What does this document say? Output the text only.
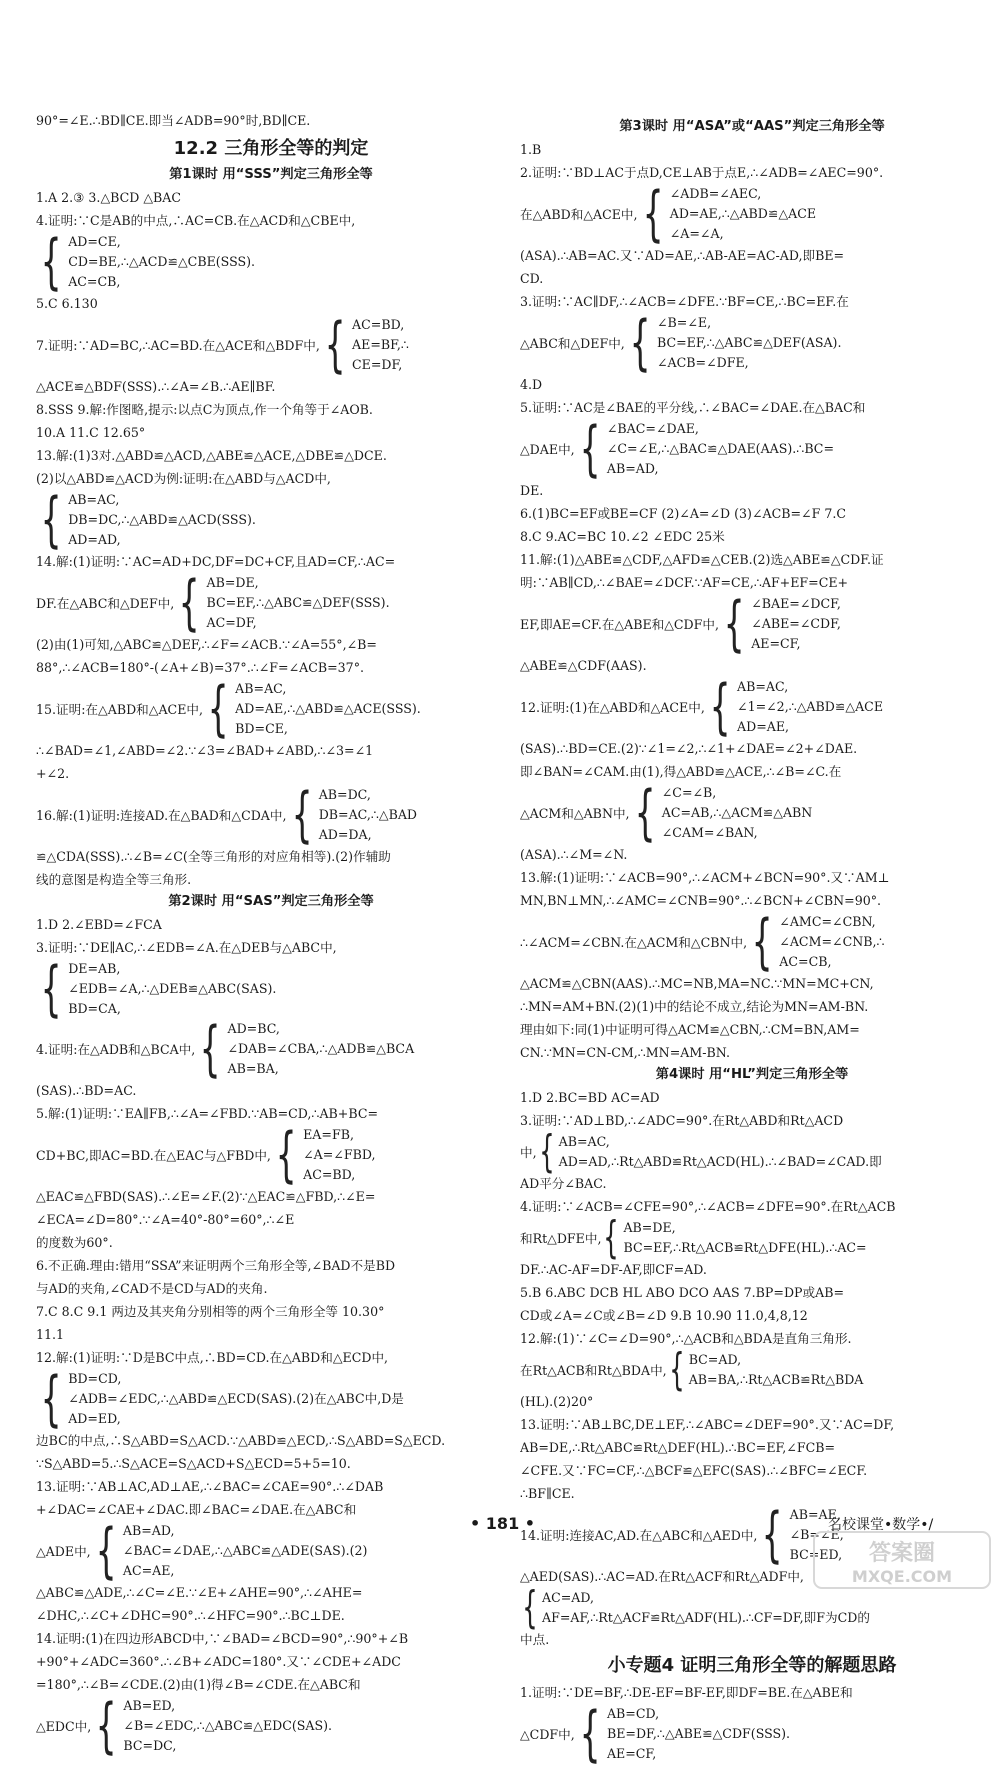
90°=∠E.∴BD∥CE.即当∠ADB=90°时,BD∥CE.
12.2 三角形全等的判定
第1课时 用“SSS”判定三角形全等
1.A 2.③ 3.△BCD △BAC
4.证明:∵C是AB的中点,∴AC=CB.在△ACD和△CBE中,
{ AD=CE,
CD=BE,∴△ACD≌△CBE(SSS).
AC=CB,
5.C 6.130
7.证明:∵AD=BC,∴AC=BD.在△ACE和△BDF中, { AC=BD,
AE=BF,∴
CE=DF,
△ACE≌△BDF(SSS).∴∠A=∠B.∴AE∥BF.
8.SSS 9.解:作图略,提示:以点C为顶点,作一个角等于∠AOB.
10.A 11.C 12.65°
13.解:(1)3对.△ABD≌△ACD,△ABE≌△ACE,△DBE≌△DCE.
(2)以△ABD≌△ACD为例:证明:在△ABD与△ACD中,
{ AB=AC,
DB=DC,∴△ABD≌△ACD(SSS).
AD=AD,
14.解:(1)证明:∵AC=AD+DC,DF=DC+CF,且AD=CF,∴AC=
DF.在△ABC和△DEF中, { AB=DE,
BC=EF,∴△ABC≌△DEF(SSS).
AC=DF,
(2)由(1)可知,△ABC≌△DEF,∴∠F=∠ACB.∵∠A=55°,∠B=
88°,∴∠ACB=180°-(∠A+∠B)=37°.∴∠F=∠ACB=37°.
15.证明:在△ABD和△ACE中, { AB=AC,
AD=AE,∴△ABD≌△ACE(SSS).
BD=CE,
∴∠BAD=∠1,∠ABD=∠2.∵∠3=∠BAD+∠ABD,∴∠3=∠1
+∠2.
16.解:(1)证明:连接AD.在△BAD和△CDA中, { AB=DC,
DB=AC,∴△BAD
AD=DA,
≌△CDA(SSS).∴∠B=∠C(全等三角形的对应角相等).(2)作辅助
线的意图是构造全等三角形.
第2课时 用“SAS”判定三角形全等
1.D 2.∠EBD=∠FCA
3.证明:∵DE∥AC,∴∠EDB=∠A.在△DEB与△ABC中,
{ DE=AB,
∠EDB=∠A,∴△DEB≌△ABC(SAS).
BD=CA,
4.证明:在△ADB和△BCA中, { AD=BC,
∠DAB=∠CBA,∴△ADB≌△BCA
AB=BA,
(SAS).∴BD=AC.
5.解:(1)证明:∵EA∥FB,∴∠A=∠FBD.∵AB=CD,∴AB+BC=
CD+BC,即AC=BD.在△EAC与△FBD中, { EA=FB,
∠A=∠FBD,
AC=BD,
△EAC≌△FBD(SAS).∴∠E=∠F.(2)∵△EAC≌△FBD,∴∠E=
∠ECA=∠D=80°.∵∠A=40°-80°=60°,∴∠E
的度数为60°.
6.不正确.理由:错用“SSA”来证明两个三角形全等,∠BAD不是BD
与AD的夹角,∠CAD不是CD与AD的夹角.
7.C 8.C 9.1 两边及其夹角分别相等的两个三角形全等 10.30°
11.1
12.解:(1)证明:∵D是BC中点,∴BD=CD.在△ABD和△ECD中,
{ BD=CD,
∠ADB=∠EDC,∴△ABD≌△ECD(SAS).(2)在△ABC中,D是
AD=ED,
边BC的中点,∴S△ABD=S△ACD.∵△ABD≌△ECD,∴S△ABD=S△ECD.
∵S△ABD=5.∴S△ACE=S△ACD+S△ECD=5+5=10.
13.证明:∵AB⊥AC,AD⊥AE,∴∠BAC=∠CAE=90°.∴∠DAB
+∠DAC=∠CAE+∠DAC.即∠BAC=∠DAE.在△ABC和
△ADE中, { AB=AD,
∠BAC=∠DAE,∴△ABC≌△ADE(SAS).(2)
AC=AE,
△ABC≌△ADE,∴∠C=∠E.∵∠E+∠AHE=90°,∴∠AHE=
∠DHC,∴∠C+∠DHC=90°.∴∠HFC=90°.∴BC⊥DE.
14.证明:(1)在四边形ABCD中,∵∠BAD=∠BCD=90°,∴90°+∠B
+90°+∠ADC=360°.∴∠B+∠ADC=180°.又∵∠CDE+∠ADC
=180°,∴∠B=∠CDE.(2)由(1)得∠B=∠CDE.在△ABC和
△EDC中, { AB=ED,
∠B=∠EDC,∴△ABC≌△EDC(SAS).
BC=DC,
第3课时 用“ASA”或“AAS”判定三角形全等
1.B
2.证明:∵BD⊥AC于点D,CE⊥AB于点E,∴∠ADB=∠AEC=90°.
在△ABD和△ACE中, { ∠ADB=∠AEC,
AD=AE,∴△ABD≌△ACE
∠A=∠A,
(ASA).∴AB=AC.又∵AD=AE,∴AB-AE=AC-AD,即BE=
CD.
3.证明:∵AC∥DF,∴∠ACB=∠DFE.∵BF=CE,∴BC=EF.在
△ABC和△DEF中, { ∠B=∠E,
BC=EF,∴△ABC≌△DEF(ASA).
∠ACB=∠DFE,
4.D
5.证明:∵AC是∠BAE的平分线,∴∠BAC=∠DAE.在△BAC和
△DAE中, { ∠BAC=∠DAE,
∠C=∠E,∴△BAC≌△DAE(AAS).∴BC=
AB=AD,
DE.
6.(1)BC=EF或BE=CF (2)∠A=∠D (3)∠ACB=∠F 7.C
8.C 9.AC=BC 10.∠2 ∠EDC 25米
11.解:(1)△ABE≌△CDF,△AFD≌△CEB.(2)选△ABE≌△CDF.证
明:∵AB∥CD,∴∠BAE=∠DCF.∵AF=CE,∴AF+EF=CE+
EF,即AE=CF.在△ABE和△CDF中, { ∠BAE=∠DCF,
∠ABE=∠CDF,
AE=CF,
△ABE≌△CDF(AAS).
12.证明:(1)在△ABD和△ACE中, { AB=AC,
∠1=∠2,∴△ABD≌△ACE
AD=AE,
(SAS).∴BD=CE.(2)∵∠1=∠2,∴∠1+∠DAE=∠2+∠DAE.
即∠BAN=∠CAM.由(1),得△ABD≌△ACE,∴∠B=∠C.在
△ACM和△ABN中, { ∠C=∠B,
AC=AB,∴△ACM≌△ABN
∠CAM=∠BAN,
(ASA).∴∠M=∠N.
13.解:(1)证明:∵∠ACB=90°,∴∠ACM+∠BCN=90°.又∵AM⊥
MN,BN⊥MN,∴∠AMC=∠CNB=90°.∴∠BCN+∠CBN=90°.
∴∠ACM=∠CBN.在△ACM和△CBN中, { ∠AMC=∠CBN,
∠ACM=∠CNB,∴
AC=CB,
△ACM≌△CBN(AAS).∴MC=NB,MA=NC.∵MN=MC+CN,
∴MN=AM+BN.(2)(1)中的结论不成立,结论为MN=AM-BN.
理由如下:同(1)中证明可得△ACM≌△CBN,∴CM=BN,AM=
CN.∵MN=CN-CM,∴MN=AM-BN.
第4课时 用“HL”判定三角形全等
1.D 2.BC=BD AC=AD
3.证明:∵AD⊥BD,∴∠ADC=90°.在Rt△ABD和Rt△ACD
中, { AB=AC,
AD=AD,∴Rt△ABD≌Rt△ACD(HL).∴∠BAD=∠CAD.即
AD平分∠BAC.
4.证明:∵∠ACB=∠CFE=90°,∴∠ACB=∠DFE=90°.在Rt△ACB
和Rt△DFE中, { AB=DE,
BC=EF,∴Rt△ACB≌Rt△DFE(HL).∴AC=
DF.∴AC-AF=DF-AF,即CF=AD.
5.B 6.ABC DCB HL ABO DCO AAS 7.BP=DP或AB=
CD或∠A=∠C或∠B=∠D 9.B 10.90 11.0,4,8,12
12.解:(1)∵∠C=∠D=90°,∴△ACB和△BDA是直角三角形.
在Rt△ACB和Rt△BDA中, { BC=AD,
AB=BA,∴Rt△ACB≌Rt△BDA
(HL).(2)20°
13.证明:∵AB⊥BC,DE⊥EF,∴∠ABC=∠DEF=90°.又∵AC=DF,
AB=DE,∴Rt△ABC≌Rt△DEF(HL).∴BC=EF,∠FCB=
∠CFE.又∵FC=CF,∴△BCF≌△EFC(SAS).∴∠BFC=∠ECF.
∴BF∥CE.
14.证明:连接AC,AD.在△ABC和△AED中, { AB=AE,
∠B=∠E,
BC=ED,
△AED(SAS).∴AC=AD.在Rt△ACF和Rt△ADF中,
{ AC=AD,
AF=AF,∴Rt△ACF≌Rt△ADF(HL).∴CF=DF,即F为CD的
中点.
小专题4 证明三角形全等的解题思路
1.证明:∵DE=BF,∴DE-EF=BF-EF,即DF=BE.在△ABE和
△CDF中, { AB=CD,
BE=DF,∴△ABE≌△CDF(SSS).
AE=CF,
• 181 •	名校课堂•数学•/
答案圈
MXQE.COM
